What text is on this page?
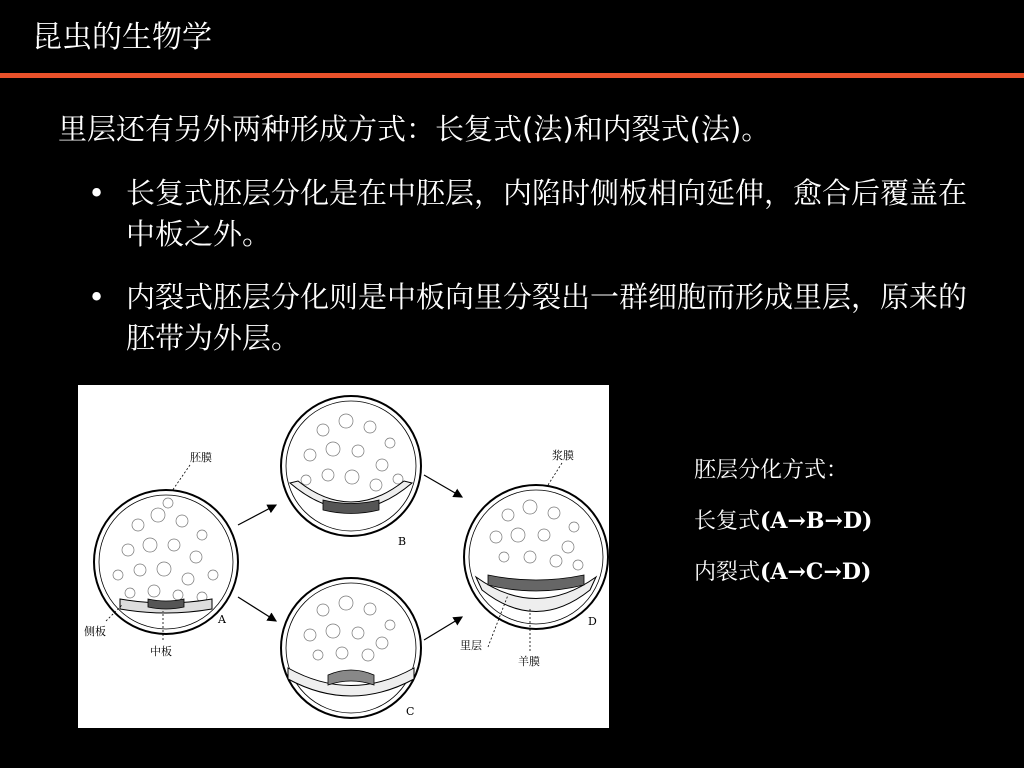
昆虫的生物学
里层还有另外两种形成方式：长复式(法)和内裂式(法)。
• 长复式胚层分化是在中胚层，内陷时侧板相向延伸，愈合后覆盖在中板之外。
• 内裂式胚层分化则是中板向里分裂出一群细胞而形成里层，原来的胚带为外层。
A
B
C
D
胚膜	浆膜
侧板
中板	里层
羊膜
胚层分化方式：
长复式(A→B→D)
内裂式(A→C→D)
